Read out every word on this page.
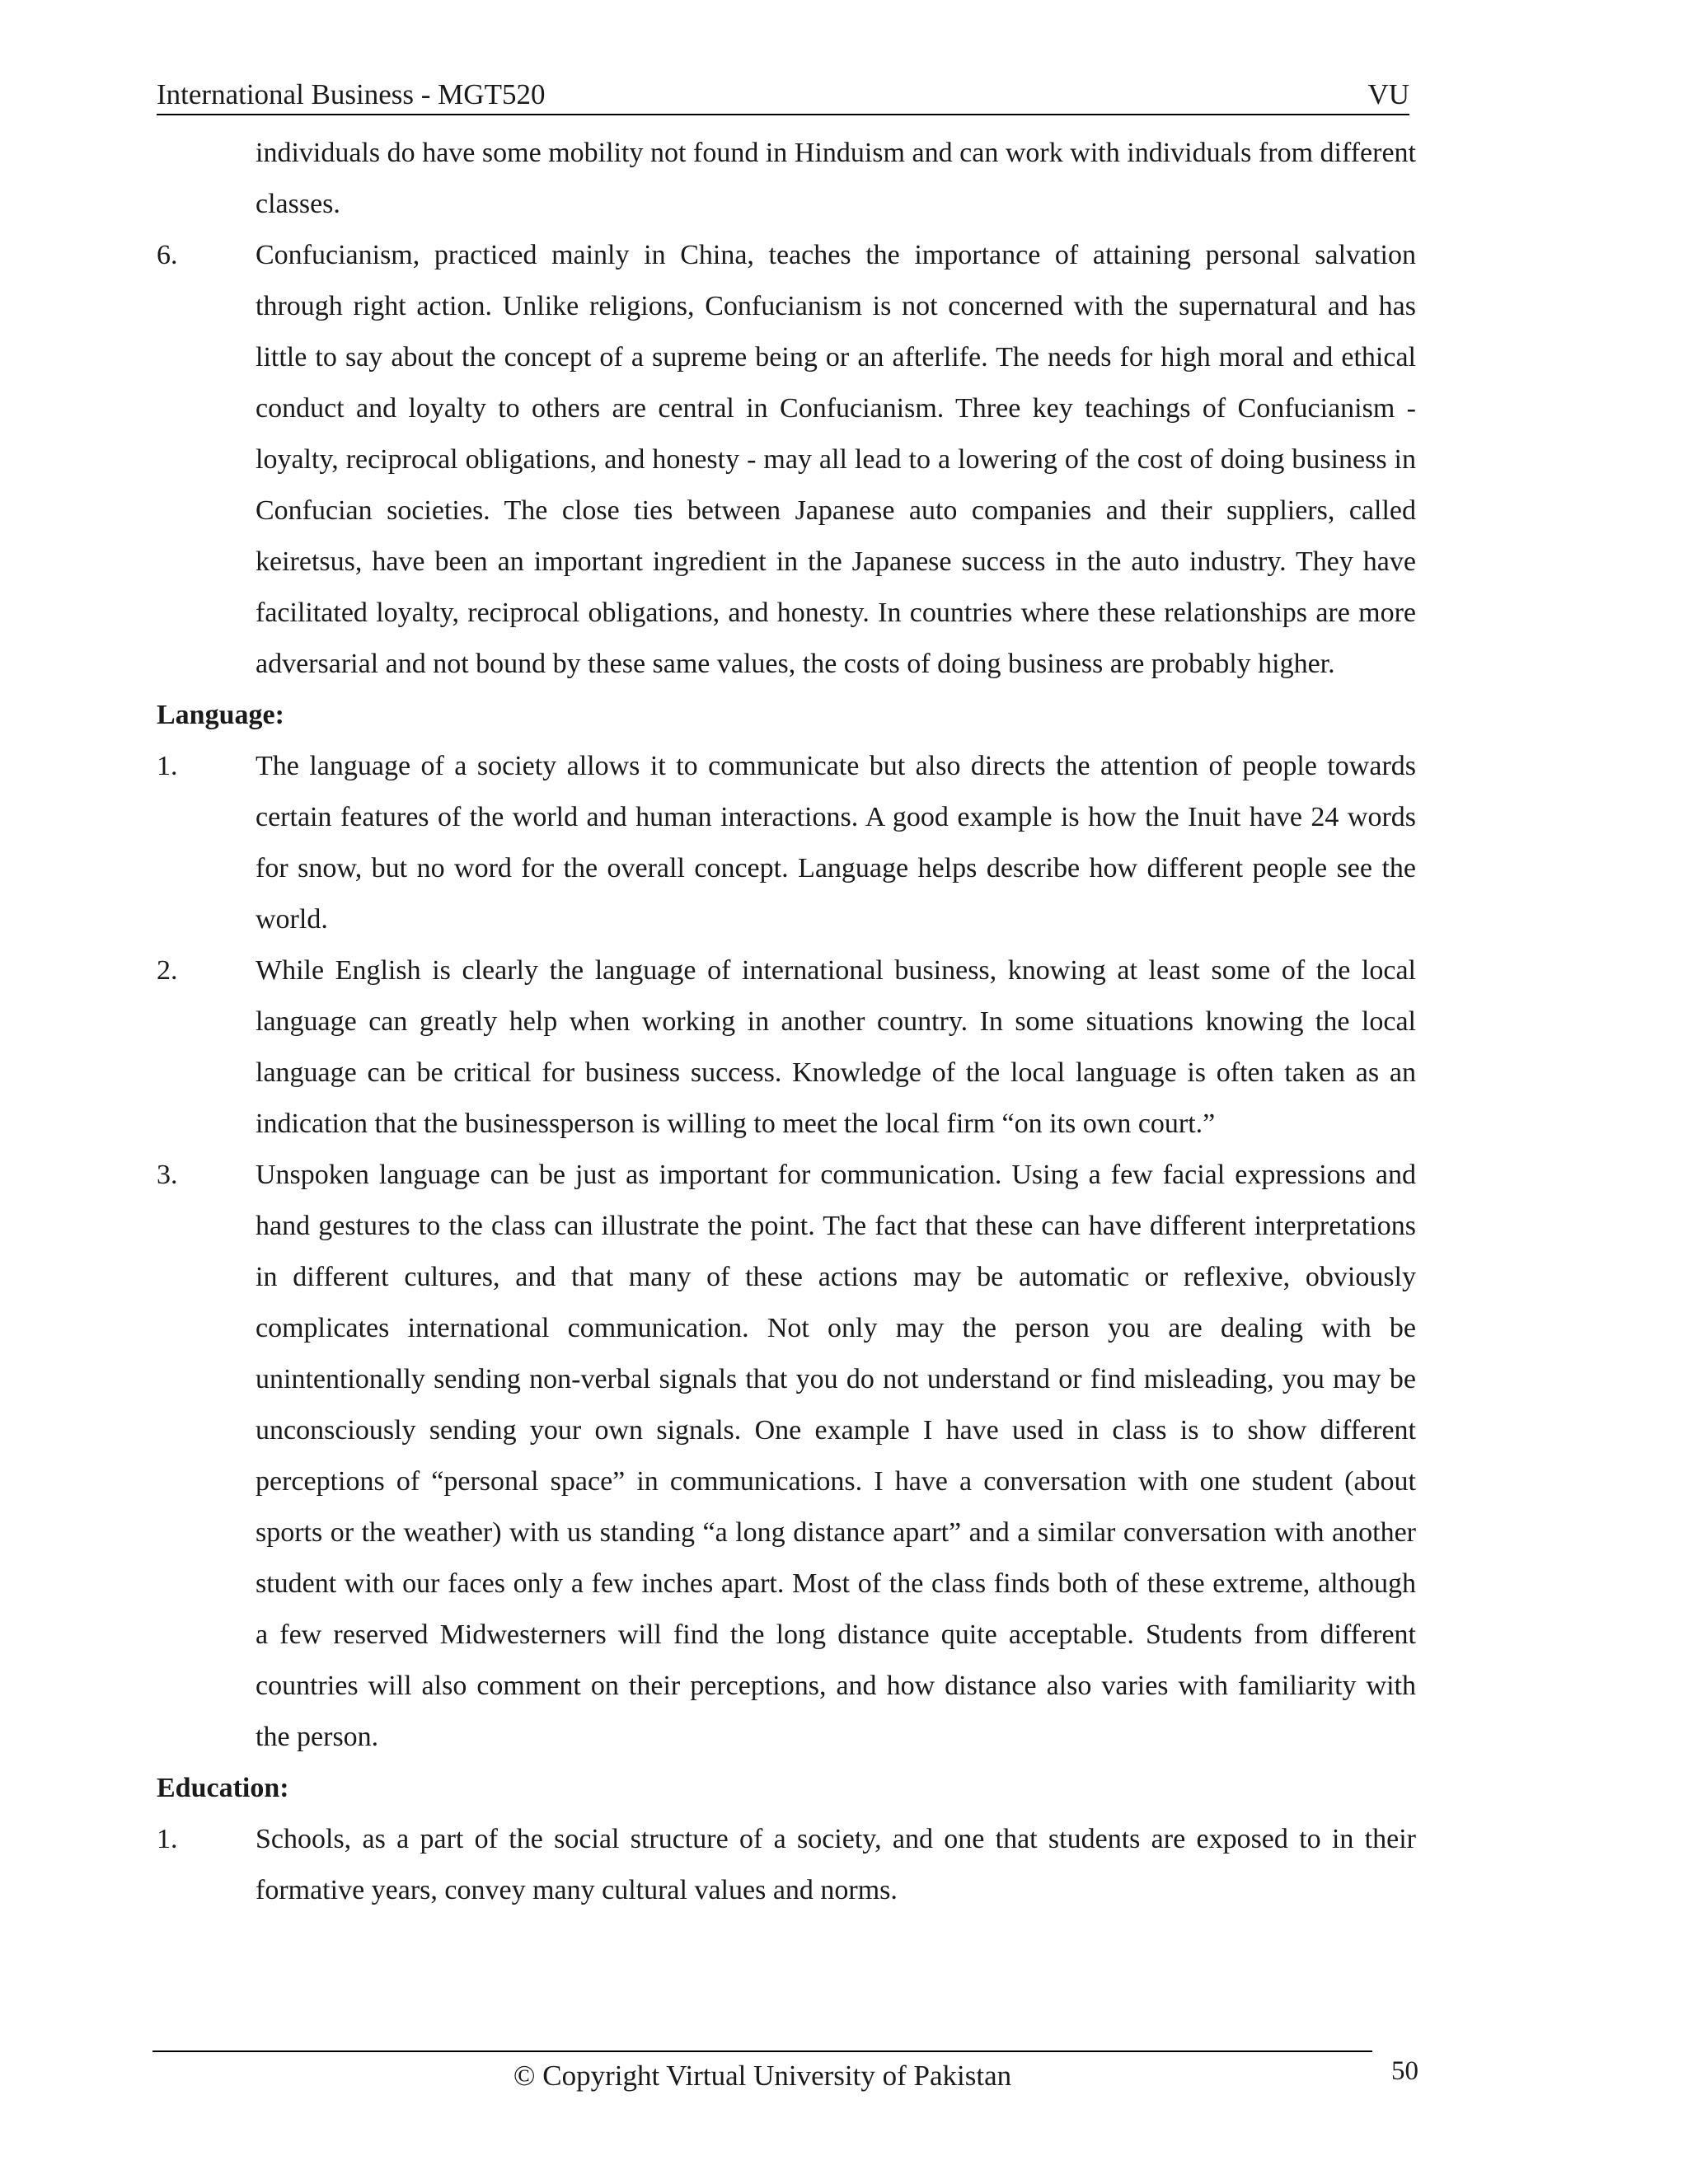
International Business - MGT520	VU
individuals do have some mobility not found in Hinduism and can work with individuals from different classes.
6.	Confucianism, practiced mainly in China, teaches the importance of attaining personal salvation through right action. Unlike religions, Confucianism is not concerned with the supernatural and has little to say about the concept of a supreme being or an afterlife. The needs for high moral and ethical conduct and loyalty to others are central in Confucianism. Three key teachings of Confucianism - loyalty, reciprocal obligations, and honesty - may all lead to a lowering of the cost of doing business in Confucian societies. The close ties between Japanese auto companies and their suppliers, called keiretsus, have been an important ingredient in the Japanese success in the auto industry. They have facilitated loyalty, reciprocal obligations, and honesty. In countries where these relationships are more adversarial and not bound by these same values, the costs of doing business are probably higher.
Language:
1.	The language of a society allows it to communicate but also directs the attention of people towards certain features of the world and human interactions. A good example is how the Inuit have 24 words for snow, but no word for the overall concept. Language helps describe how different people see the world.
2.	While English is clearly the language of international business, knowing at least some of the local language can greatly help when working in another country. In some situations knowing the local language can be critical for business success. Knowledge of the local language is often taken as an indication that the businessperson is willing to meet the local firm “on its own court.”
3.	Unspoken language can be just as important for communication. Using a few facial expressions and hand gestures to the class can illustrate the point. The fact that these can have different interpretations in different cultures, and that many of these actions may be automatic or reflexive, obviously complicates international communication. Not only may the person you are dealing with be unintentionally sending non-verbal signals that you do not understand or find misleading, you may be unconsciously sending your own signals. One example I have used in class is to show different perceptions of “personal space” in communications. I have a conversation with one student (about sports or the weather) with us standing “a long distance apart” and a similar conversation with another student with our faces only a few inches apart. Most of the class finds both of these extreme, although a few reserved Midwesterners will find the long distance quite acceptable. Students from different countries will also comment on their perceptions, and how distance also varies with familiarity with the person.
Education:
1.	Schools, as a part of the social structure of a society, and one that students are exposed to in their formative years, convey many cultural values and norms.
© Copyright Virtual University of Pakistan	50
